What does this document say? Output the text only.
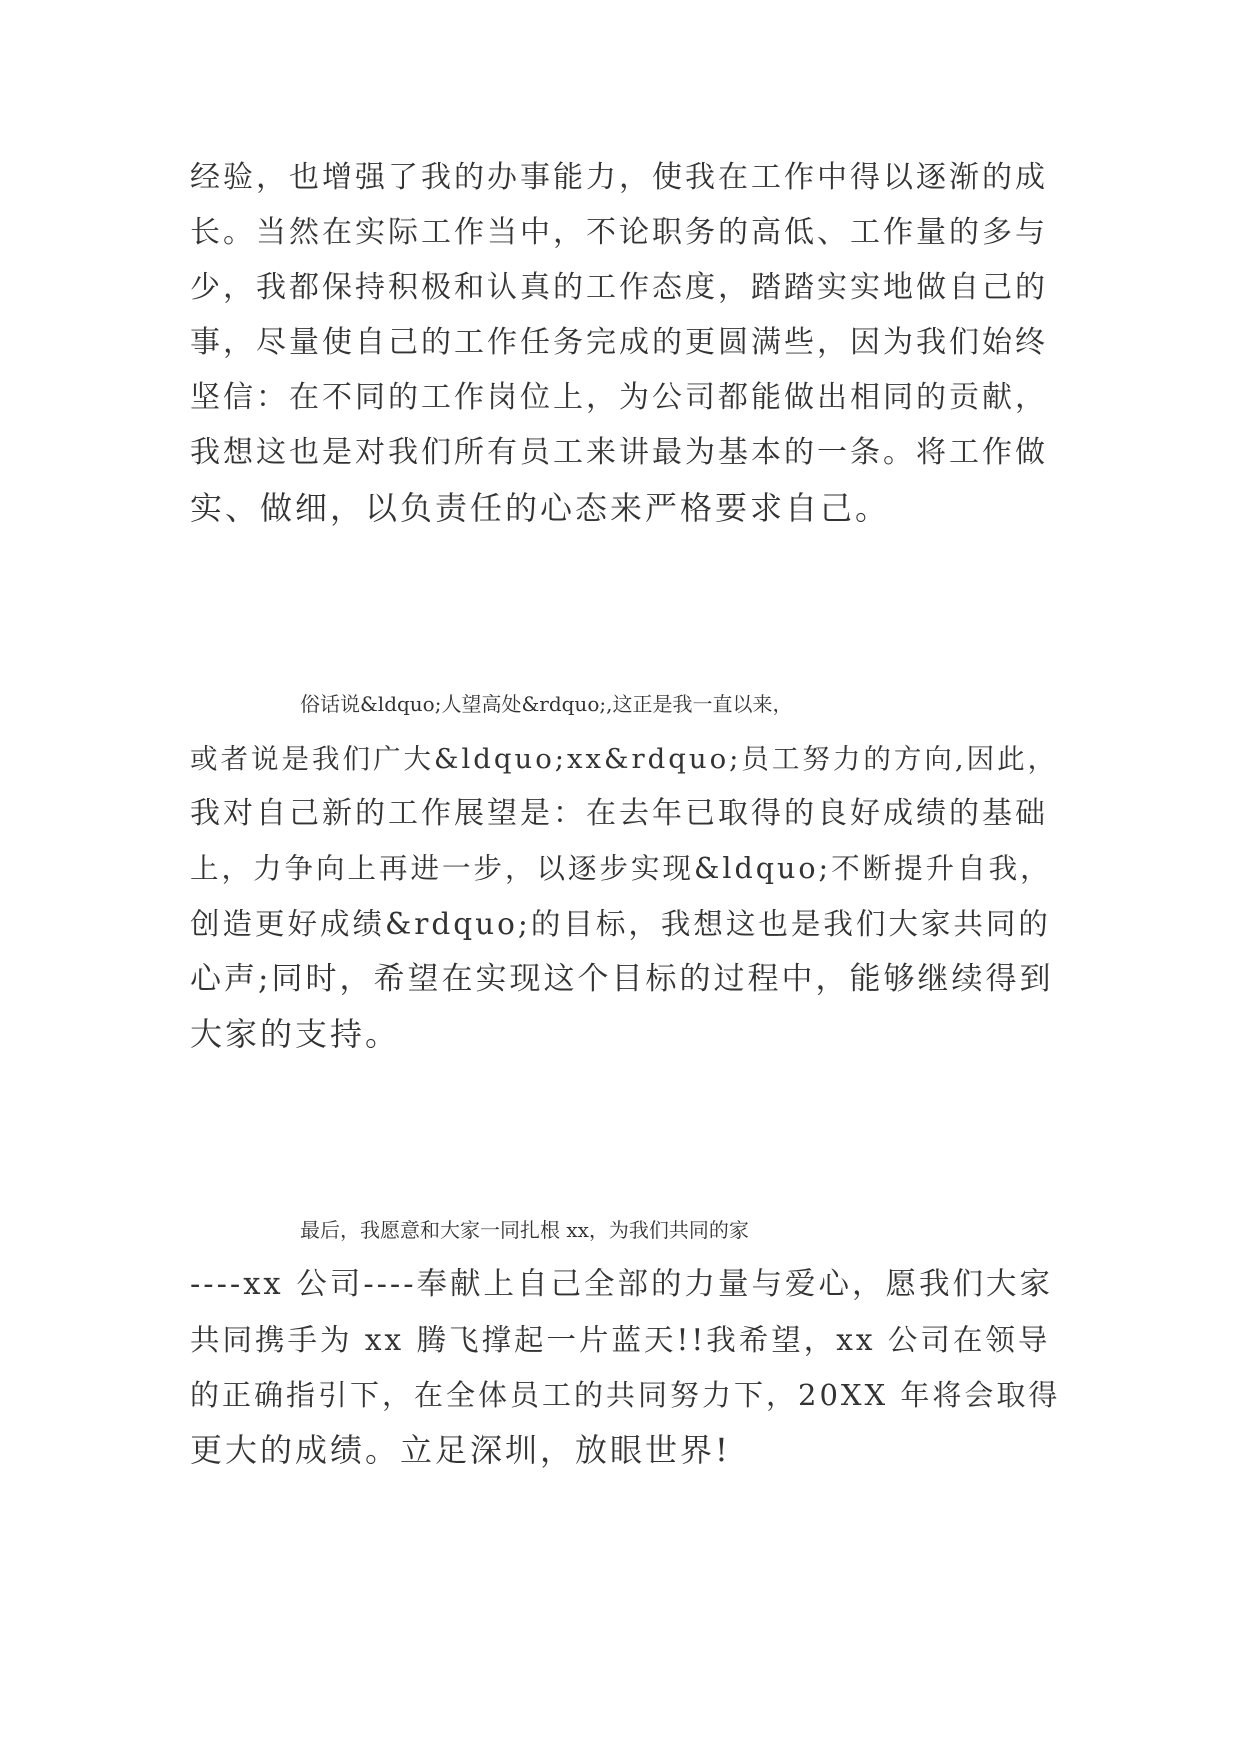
经验，也增强了我的办事能力，使我在工作中得以逐渐的成

长。当然在实际工作当中，不论职务的高低、工作量的多与

少，我都保持积极和认真的工作态度，踏踏实实地做自己的

事，尽量使自己的工作任务完成的更圆满些，因为我们始终

坚信：在不同的工作岗位上，为公司都能做出相同的贡献，

我想这也是对我们所有员工来讲最为基本的一条。将工作做

实、做细，以负责任的心态来严格要求自己。

俗话说&ldquo;人望高处&rdquo;,这正是我一直以来，

或者说是我们广大&ldquo;xx&rdquo;员工努力的方向,因此，

我对自己新的工作展望是：在去年已取得的良好成绩的基础

上，力争向上再进一步，以逐步实现&ldquo;不断提升自我，

创造更好成绩&rdquo;的目标，我想这也是我们大家共同的

心声;同时，希望在实现这个目标的过程中，能够继续得到

大家的支持。

最后，我愿意和大家一同扎根 xx，为我们共同的家

----xx 公司----奉献上自己全部的力量与爱心，愿我们大家

共同携手为 xx 腾飞撑起一片蓝天!!我希望，xx 公司在领导

的正确指引下，在全体员工的共同努力下，20XX 年将会取得

更大的成绩。立足深圳，放眼世界!
